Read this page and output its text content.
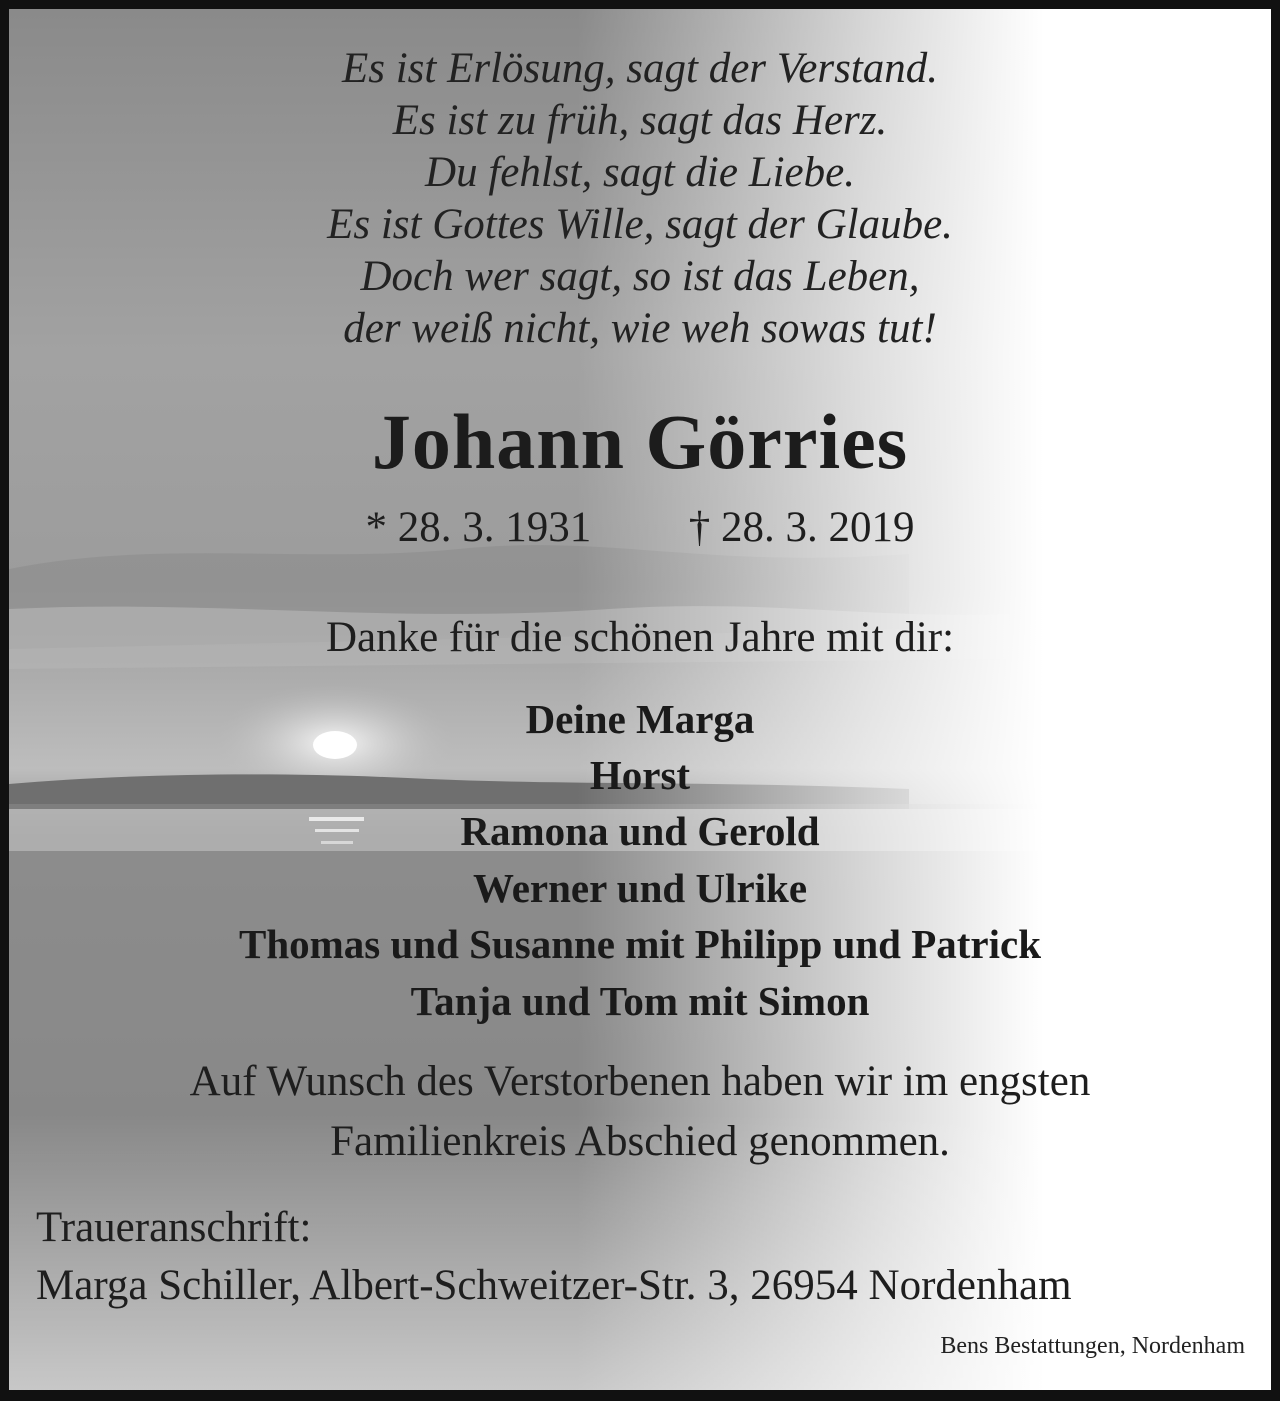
Es ist Erlösung, sagt der Verstand.

Es ist zu früh, sagt das Herz.

Du fehlst, sagt die Liebe.

Es ist Gottes Wille, sagt der Glaube.

Doch wer sagt, so ist das Leben,

der weiß nicht, wie weh sowas tut!

Johann Görries

* 28. 3. 1931 † 28. 3. 2019

Danke für die schönen Jahre mit dir:

Deine Marga

Horst

Ramona und Gerold

Werner und Ulrike

Thomas und Susanne mit Philipp und Patrick

Tanja und Tom mit Simon

Auf Wunsch des Verstorbenen haben wir im engsten

Familienkreis Abschied genommen.

Traueranschrift:

Marga Schiller, Albert-Schweitzer-Str. 3, 26954 Nordenham

Bens Bestattungen, Nordenham
